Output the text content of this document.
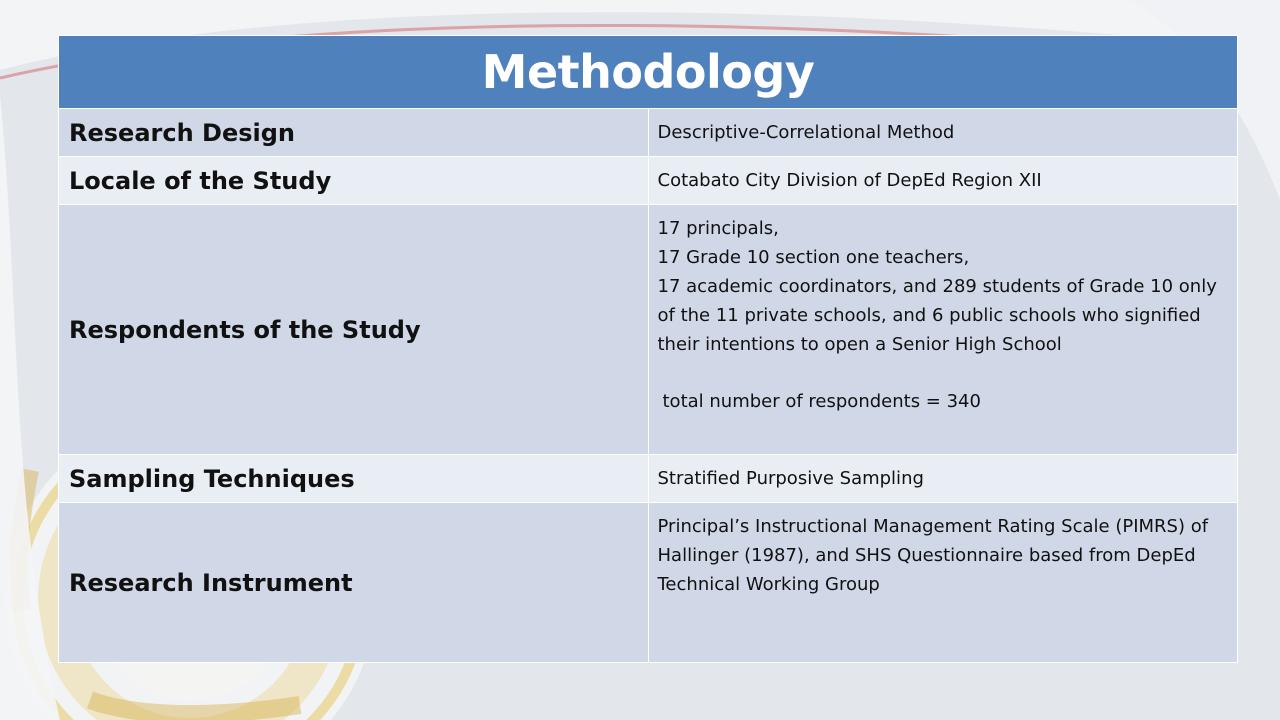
Methodology	
Research Design	Descriptive-Correlational Method
Locale of the Study	Cotabato City Division of DepEd Region XII
Respondents of the Study	17 principals,
17 Grade 10 section one teachers,
17 academic coordinators, and 289 students of Grade 10 only of the 11 private schools, and 6 public schools who signified their intentions to open a Senior High School
total number of respondents = 340

Sampling Techniques	Stratified Purposive Sampling
Research Instrument	Principal’s Instructional Management Rating Scale (PIMRS) of Hallinger (1987), and SHS Questionnaire based from DepEd Technical Working Group
